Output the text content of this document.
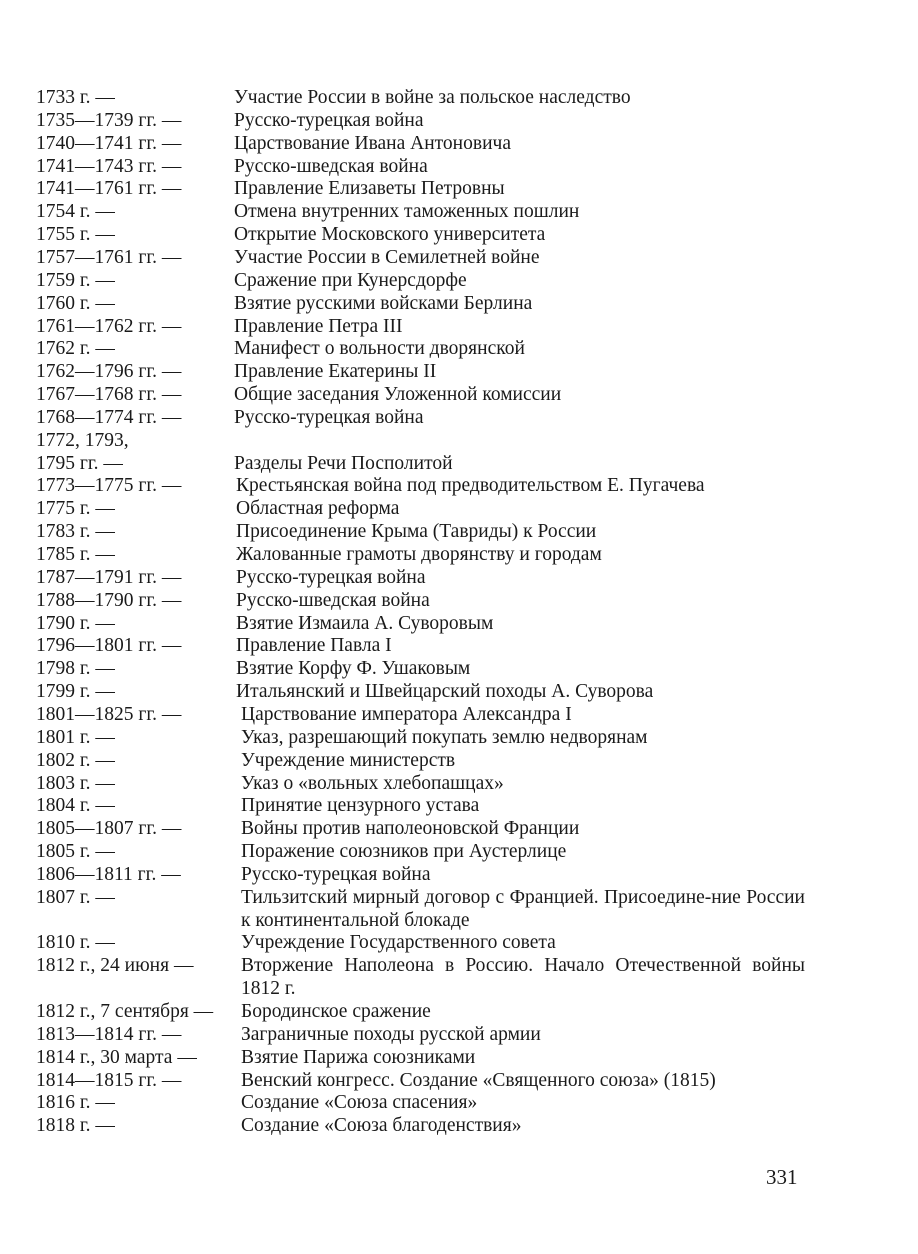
1733 г. —	Участие России в войне за польское наследство
1735—1739 гг. —	Русско-турецкая война
1740—1741 гг. —	Царствование Ивана Антоновича
1741—1743 гг. —	Русско-шведская война
1741—1761 гг. —	Правление Елизаветы Петровны
1754 г. —	Отмена внутренних таможенных пошлин
1755 г. —	Открытие Московского университета
1757—1761 гг. —	Участие России в Семилетней войне
1759 г. —	Сражение при Кунерсдорфе
1760 г. —	Взятие русскими войсками Берлина
1761—1762 гг. —	Правление Петра III
1762 г. —	Манифест о вольности дворянской
1762—1796 гг. —	Правление Екатерины II
1767—1768 гг. —	Общие заседания Уложенной комиссии
1768—1774 гг. —	Русско-турецкая война
1772, 1793,
1795 гг. —	Разделы Речи Посполитой
1773—1775 гг. —	Крестьянская война под предводительством Е. Пугачева
1775 г. —	Областная реформа
1783 г. —	Присоединение Крыма (Тавриды) к России
1785 г. —	Жалованные грамоты дворянству и городам
1787—1791 гг. —	Русско-турецкая война
1788—1790 гг. —	Русско-шведская война
1790 г. —	Взятие Измаила А. Суворовым
1796—1801 гг. —	Правление Павла I
1798 г. —	Взятие Корфу Ф. Ушаковым
1799 г. —	Итальянский и Швейцарский походы А. Суворова
1801—1825 гг. —	Царствование императора Александра I
1801 г. —	Указ, разрешающий покупать землю недворянам
1802 г. —	Учреждение министерств
1803 г. —	Указ о «вольных хлебопашцах»
1804 г. —	Принятие цензурного устава
1805—1807 гг. —	Войны против наполеоновской Франции
1805 г. —	Поражение союзников при Аустерлице
1806—1811 гг. —	Русско-турецкая война
1807 г. —	Тильзитский мирный договор с Францией. Присоедине-ние России к континентальной блокаде
1810 г. —	Учреждение Государственного совета
1812 г., 24 июня — Вторжение Наполеона в Россию. Начало Отечественной войны 1812 г.
1812 г., 7 сентября — Бородинское сражение
1813—1814 гг. —	Заграничные походы русской армии
1814 г., 30 марта — Взятие Парижа союзниками
1814—1815 гг. —	Венский конгресс. Создание «Священного союза» (1815)
1816 г. —	Создание «Союза спасения»
1818 г. —	Создание «Союза благоденствия»
331
